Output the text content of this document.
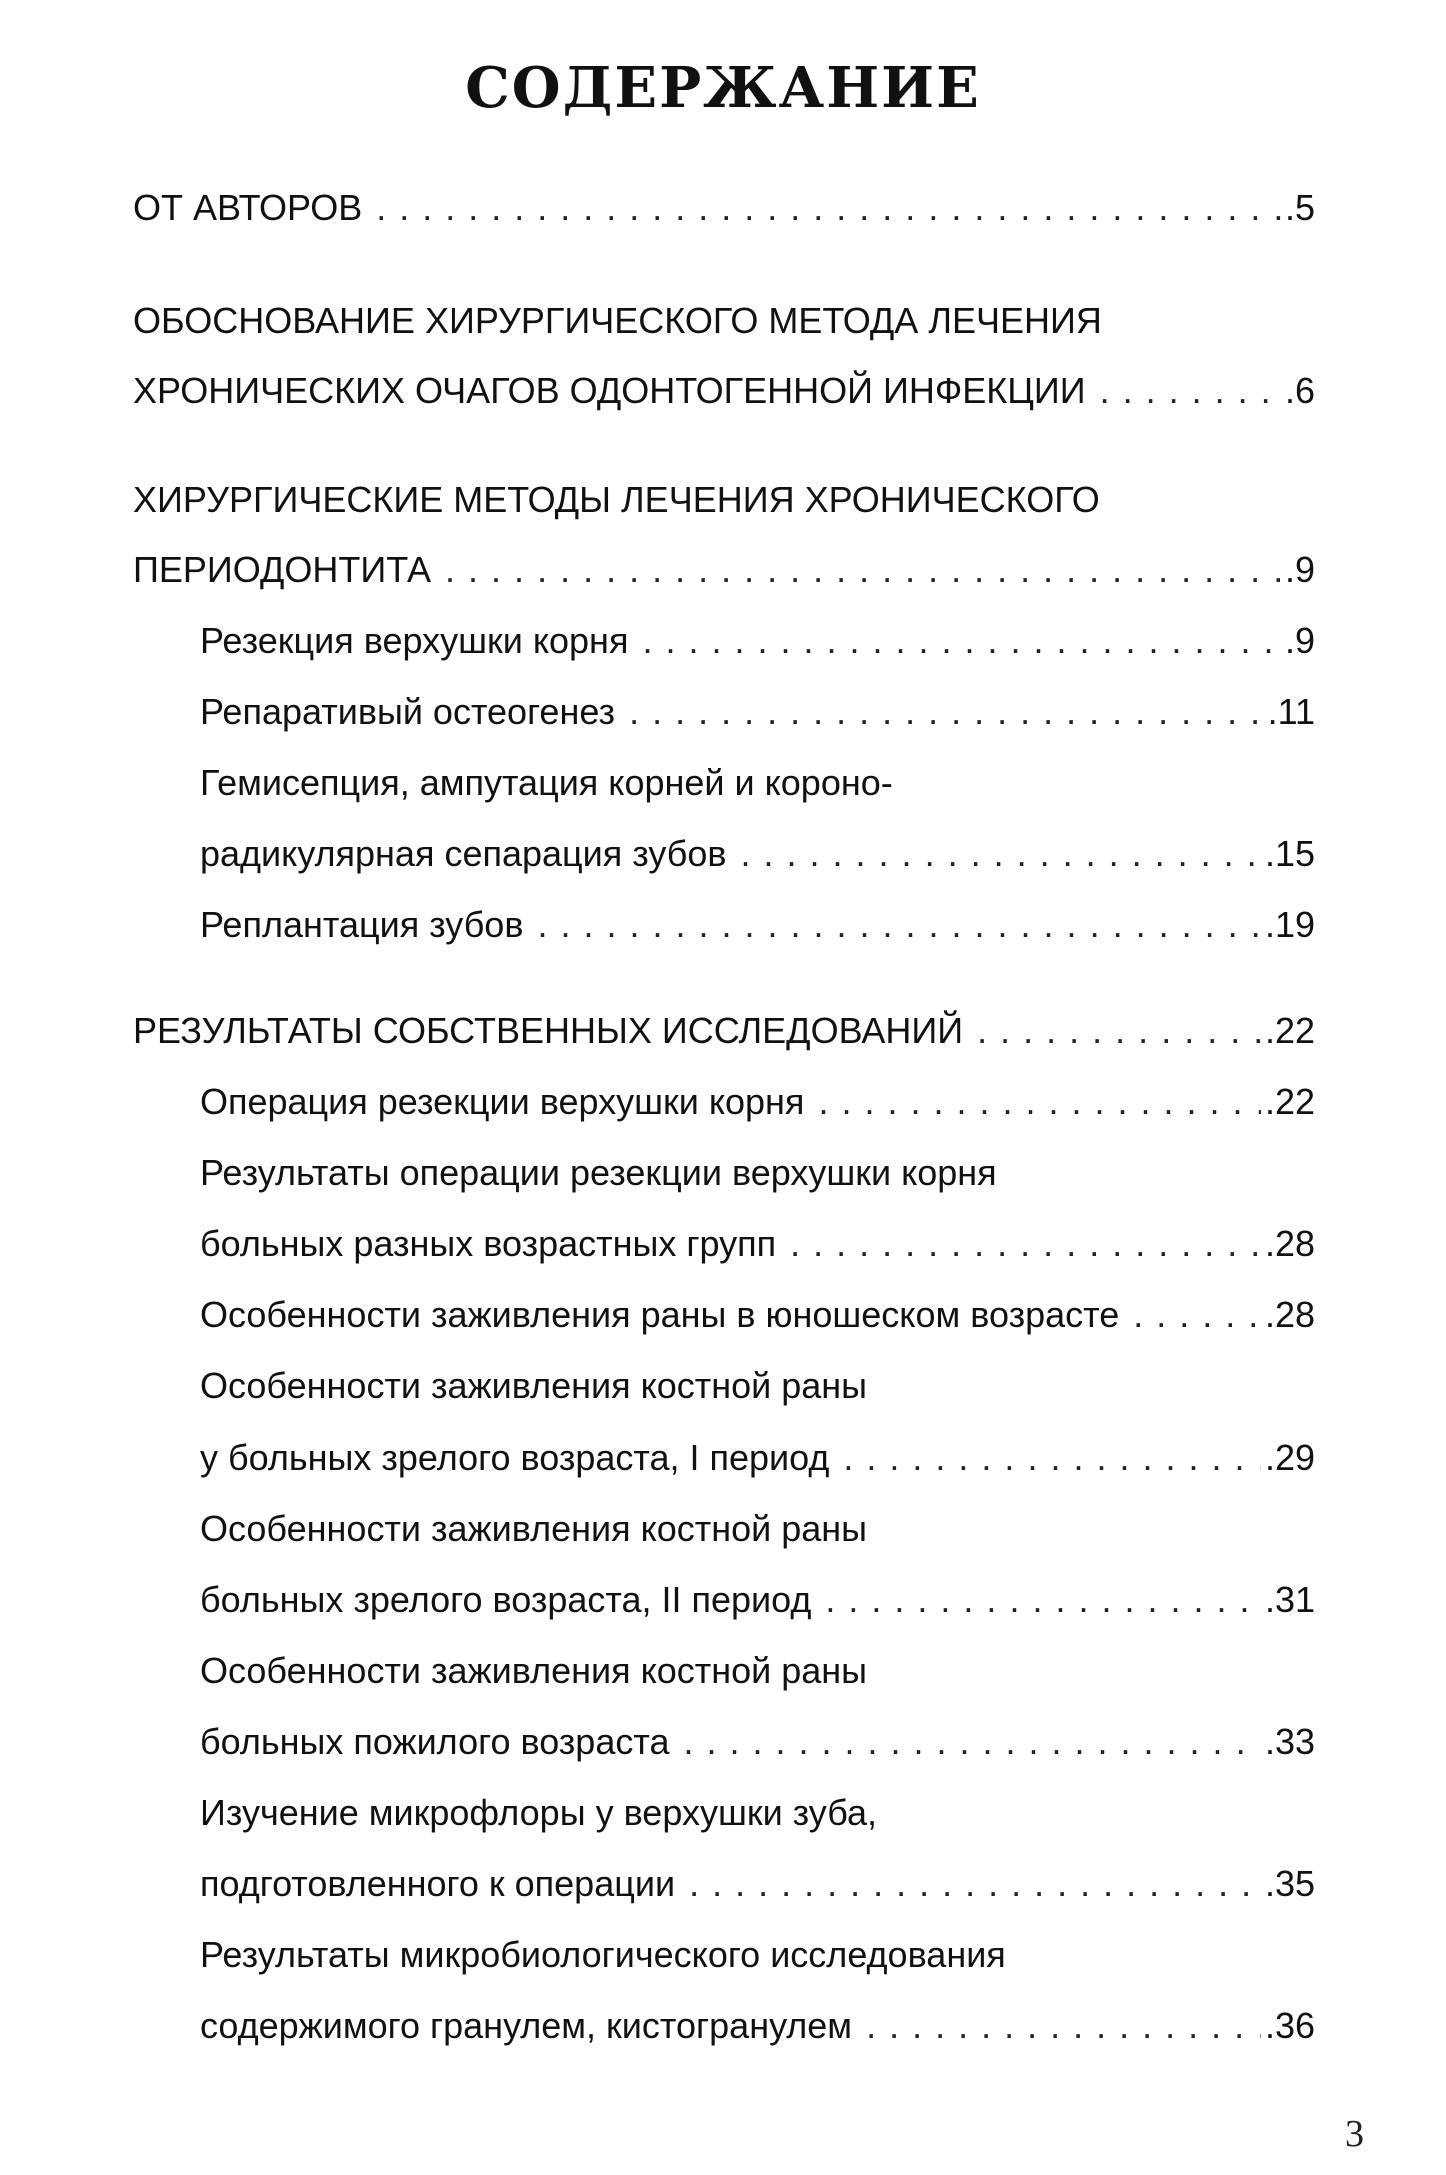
СОДЕРЖАНИЕ
ОТ АВТОРОВ . . .	.5
ОБОСНОВАНИЕ ХИРУРГИЧЕСКОГО МЕТОДА ЛЕЧЕНИЯ
ХРОНИЧЕСКИХ ОЧАГОВ ОДОНТОГЕННОЙ ИНФЕКЦИИ . . .	.6
ХИРУРГИЧЕСКИЕ МЕТОДЫ ЛЕЧЕНИЯ ХРОНИЧЕСКОГО
ПЕРИОДОНТИТА . . .	.9
Резекция верхушки корня . . .	.9
Репаративый остеогенез . . .	.11
Гемисепция, ампутация корней и короно-
радикулярная сепарация зубов . . .	.15
Реплантация зубов . . .	.19
РЕЗУЛЬТАТЫ СОБСТВЕННЫХ ИССЛЕДОВАНИЙ . . .	.22
Операция резекции верхушки корня . . .	.22
Результаты операции резекции верхушки корня
больных разных возрастных групп . . .	.28
Особенности заживления раны в юношеском возрасте . . .	.28
Особенности заживления костной раны
у больных зрелого возраста, I период . . .	.29
Особенности заживления костной раны
больных зрелого возраста, II период . . .	.31
Особенности заживления костной раны
больных пожилого возраста . . .	.33
Изучение микрофлоры у верхушки зуба,
подготовленного к операции . . .	.35
Результаты микробиологического исследования
содержимого гранулем, кистогранулем . . .	.36
3
